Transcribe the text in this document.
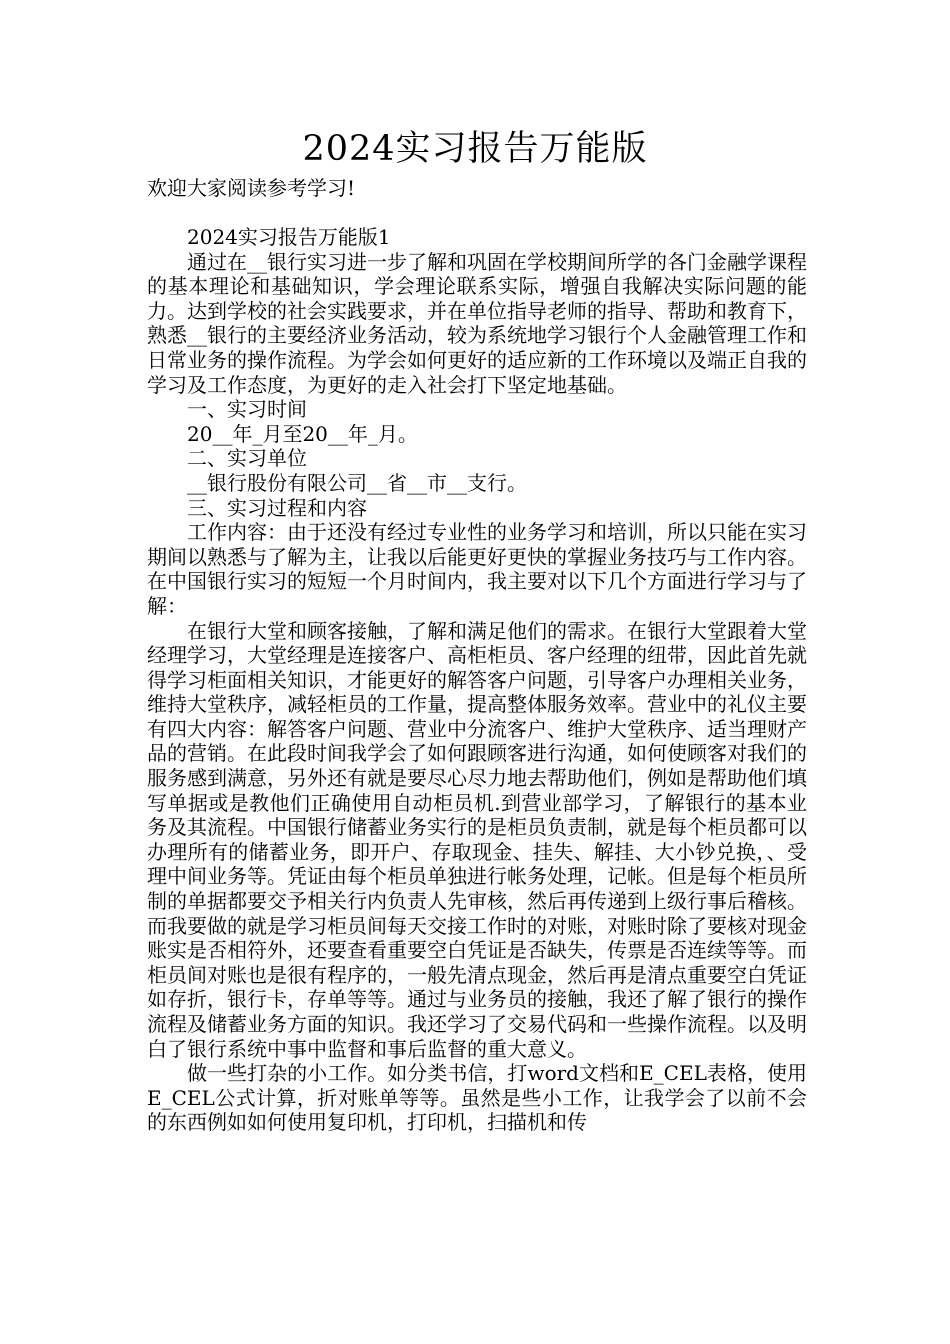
2024实习报告万能版
欢迎大家阅读参考学习!

2024实习报告万能版1

通过在__银行实习进一步了解和巩固在学校期间所学的各门金融学课程的基本理论和基础知识，学会理论联系实际，增强自我解决实际问题的能力。达到学校的社会实践要求，并在单位指导老师的指导、帮助和教育下，熟悉__银行的主要经济业务活动，较为系统地学习银行个人金融管理工作和日常业务的操作流程。为学会如何更好的适应新的工作环境以及端正自我的学习及工作态度，为更好的走入社会打下坚定地基础。

一、实习时间

20__年_月至20__年_月。

二、实习单位

__银行股份有限公司__省__市__支行。

三、实习过程和内容

工作内容：由于还没有经过专业性的业务学习和培训，所以只能在实习期间以熟悉与了解为主，让我以后能更好更快的掌握业务技巧与工作内容。在中国银行实习的短短一个月时间内，我主要对以下几个方面进行学习与了解：

在银行大堂和顾客接触，了解和满足他们的需求。在银行大堂跟着大堂经理学习，大堂经理是连接客户、高柜柜员、客户经理的纽带，因此首先就得学习柜面相关知识，才能更好的解答客户问题，引导客户办理相关业务，维持大堂秩序，减轻柜员的工作量，提高整体服务效率。营业中的礼仪主要有四大内容：解答客户问题、营业中分流客户、维护大堂秩序、适当理财产品的营销。在此段时间我学会了如何跟顾客进行沟通，如何使顾客对我们的服务感到满意，另外还有就是要尽心尽力地去帮助他们，例如是帮助他们填写单据或是教他们正确使用自动柜员机.到营业部学习，了解银行的基本业务及其流程。中国银行储蓄业务实行的是柜员负责制，就是每个柜员都可以办理所有的储蓄业务，即开户、存取现金、挂失、解挂、大小钞兑换，、受理中间业务等。凭证由每个柜员单独进行帐务处理，记帐。但是每个柜员所制的单据都要交予相关行内负责人先审核，然后再传递到上级行事后稽核。而我要做的就是学习柜员间每天交接工作时的对账，对账时除了要核对现金账实是否相符外，还要查看重要空白凭证是否缺失，传票是否连续等等。而柜员间对账也是很有程序的，一般先清点现金，然后再是清点重要空白凭证如存折，银行卡，存单等等。通过与业务员的接触，我还了解了银行的操作流程及储蓄业务方面的知识。我还学习了交易代码和一些操作流程。以及明白了银行系统中事中监督和事后监督的重大意义。

做一些打杂的小工作。如分类书信，打word文档和E_CEL表格，使用E_CEL公式计算，折对账单等等。虽然是些小工作，让我学会了以前不会的东西例如如何使用复印机，打印机，扫描机和传
